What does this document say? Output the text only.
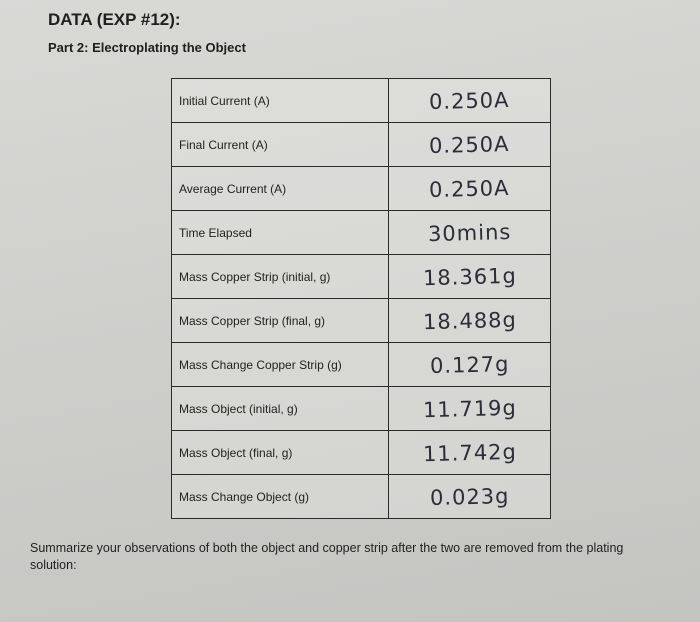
DATA (EXP #12):
Part 2: Electroplating the Object
Initial Current (A)	0.250A
Final Current (A)	0.250A
Average Current (A)	0.250A
Time Elapsed	30mins
Mass Copper Strip (initial, g)	18.361g
Mass Copper Strip (final, g)	18.488g
Mass Change Copper Strip (g)	0.127g
Mass Object (initial, g)	11.719g
Mass Object (final, g)	11.742g
Mass Change Object (g)	0.023g
Summarize your observations of both the object and copper strip after the two are removed from the plating solution:
